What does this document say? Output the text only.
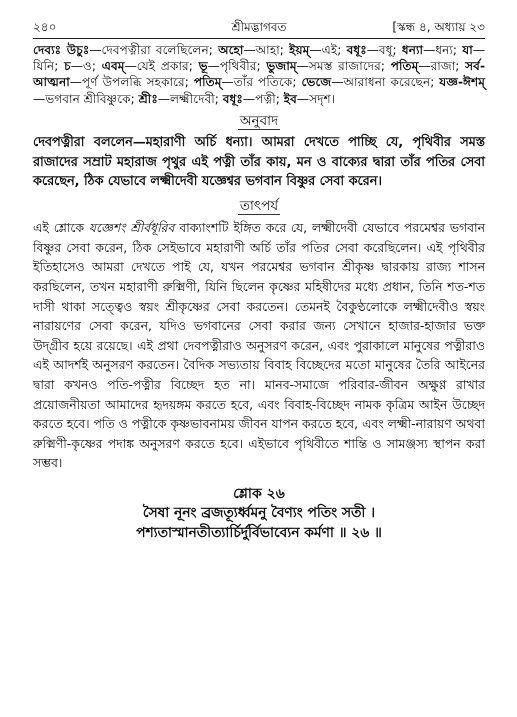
২৪০	শ্রীমদ্ভাগবত	[স্কন্ধ ৪, অধ্যায় ২৩
দেব্যঃ উচুঃ—দেবপত্নীরা বলেছিলেন; অহো—আহা; ইয়ম্—এই; বধূঃ—বধূ; ধন্যা—ধন্য; যা—যিনি; চ—ও; এবম্—যেই প্রকার; ভূ—পৃথিবীর; ভুজাম্—সমস্ত রাজাদের; পতিম্—রাজা; সর্ব-আত্মনা—পূর্ণ উপলব্ধি সহকারে; পতিম্—তাঁর পতিকে; ভেজে—আরাধনা করেছেন; যজ্ঞ-ঈশম্—ভগবান শ্রীবিষ্ণুকে; শ্রীঃ—লক্ষ্মীদেবী; বধূঃ—পত্নী; ইব—সদৃশ।
অনুবাদ
দেবপত্নীরা বললেন—মহারাণী অর্চি ধন্যা। আমরা দেখতে পাচ্ছি যে, পৃথিবীর সমস্ত রাজাদের সম্রাট মহারাজ পৃথুর এই পত্নী তাঁর কায়, মন ও বাক্যের দ্বারা তাঁর পতির সেবা করেছেন, ঠিক যেভাবে লক্ষ্মীদেবী যজ্ঞেশ্বর ভগবান বিষ্ণুর সেবা করেন।
তাৎপর্য
এই শ্লোকে যজ্ঞেশং শ্রীর্বধূরিব বাক্যাংশটি ইঙ্গিত করে যে, লক্ষ্মীদেবী যেভাবে পরমেশ্বর ভগবান বিষ্ণুর সেবা করেন, ঠিক সেইভাবে মহারাণী অর্চি তাঁর পতির সেবা করেছিলেন। এই পৃথিবীর ইতিহাসেও আমরা দেখতে পাই যে, যখন পরমেশ্বর ভগবান শ্রীকৃষ্ণ দ্বারকায় রাজ্য শাসন করছিলেন, তখন মহারাণী রুক্মিণী, যিনি ছিলেন কৃষ্ণের মহিষীদের মধ্যে প্রধান, তিনি শত-শত দাসী থাকা সত্ত্বেও স্বয়ং শ্রীকৃষ্ণের সেবা করতেন। তেমনই বৈকুণ্ঠলোকে লক্ষ্মীদেবীও স্বয়ং নারায়ণের সেবা করেন, যদিও ভগবানের সেবা করার জন্য সেখানে হাজার-হাজার ভক্ত উদ্গ্রীব হয়ে রয়েছে। এই প্রথা দেবপত্নীরাও অনুসরণ করেন, এবং পুরাকালে মানুষের পত্নীরাও এই আদর্শই অনুসরণ করতেন। বৈদিক সভ্যতায় বিবাহ বিচ্ছেদের মতো মানুষের তৈরি আইনের দ্বারা কখনও পতি-পত্নীর বিচ্ছেদ হত না। মানব-সমাজে পরিবার-জীবন অক্ষুণ্ণ রাখার প্রয়োজনীয়তা আমাদের হৃদয়ঙ্গম করতে হবে, এবং বিবাহ-বিচ্ছেদ নামক কৃত্রিম আইন উচ্ছেদ করতে হবে। পতি ও পত্নীকে কৃষ্ণভাবনাময় জীবন যাপন করতে হবে, এবং লক্ষ্মী-নারায়ণ অথবা রুক্মিণী-কৃষ্ণের পদাঙ্ক অনুসরণ করতে হবে। এইভাবে পৃথিবীতে শান্তি ও সামঞ্জস্য স্থাপন করা সম্ভব।
শ্লোক ২৬
সৈষা নূনং ব্রজত্যূর্ধ্বমনু বৈণ্যং পতিং সতী ।
পশ্যতাস্মানতীত্যার্চির্দুর্বিভাব্যেন কর্মণা ॥ ২৬ ॥
